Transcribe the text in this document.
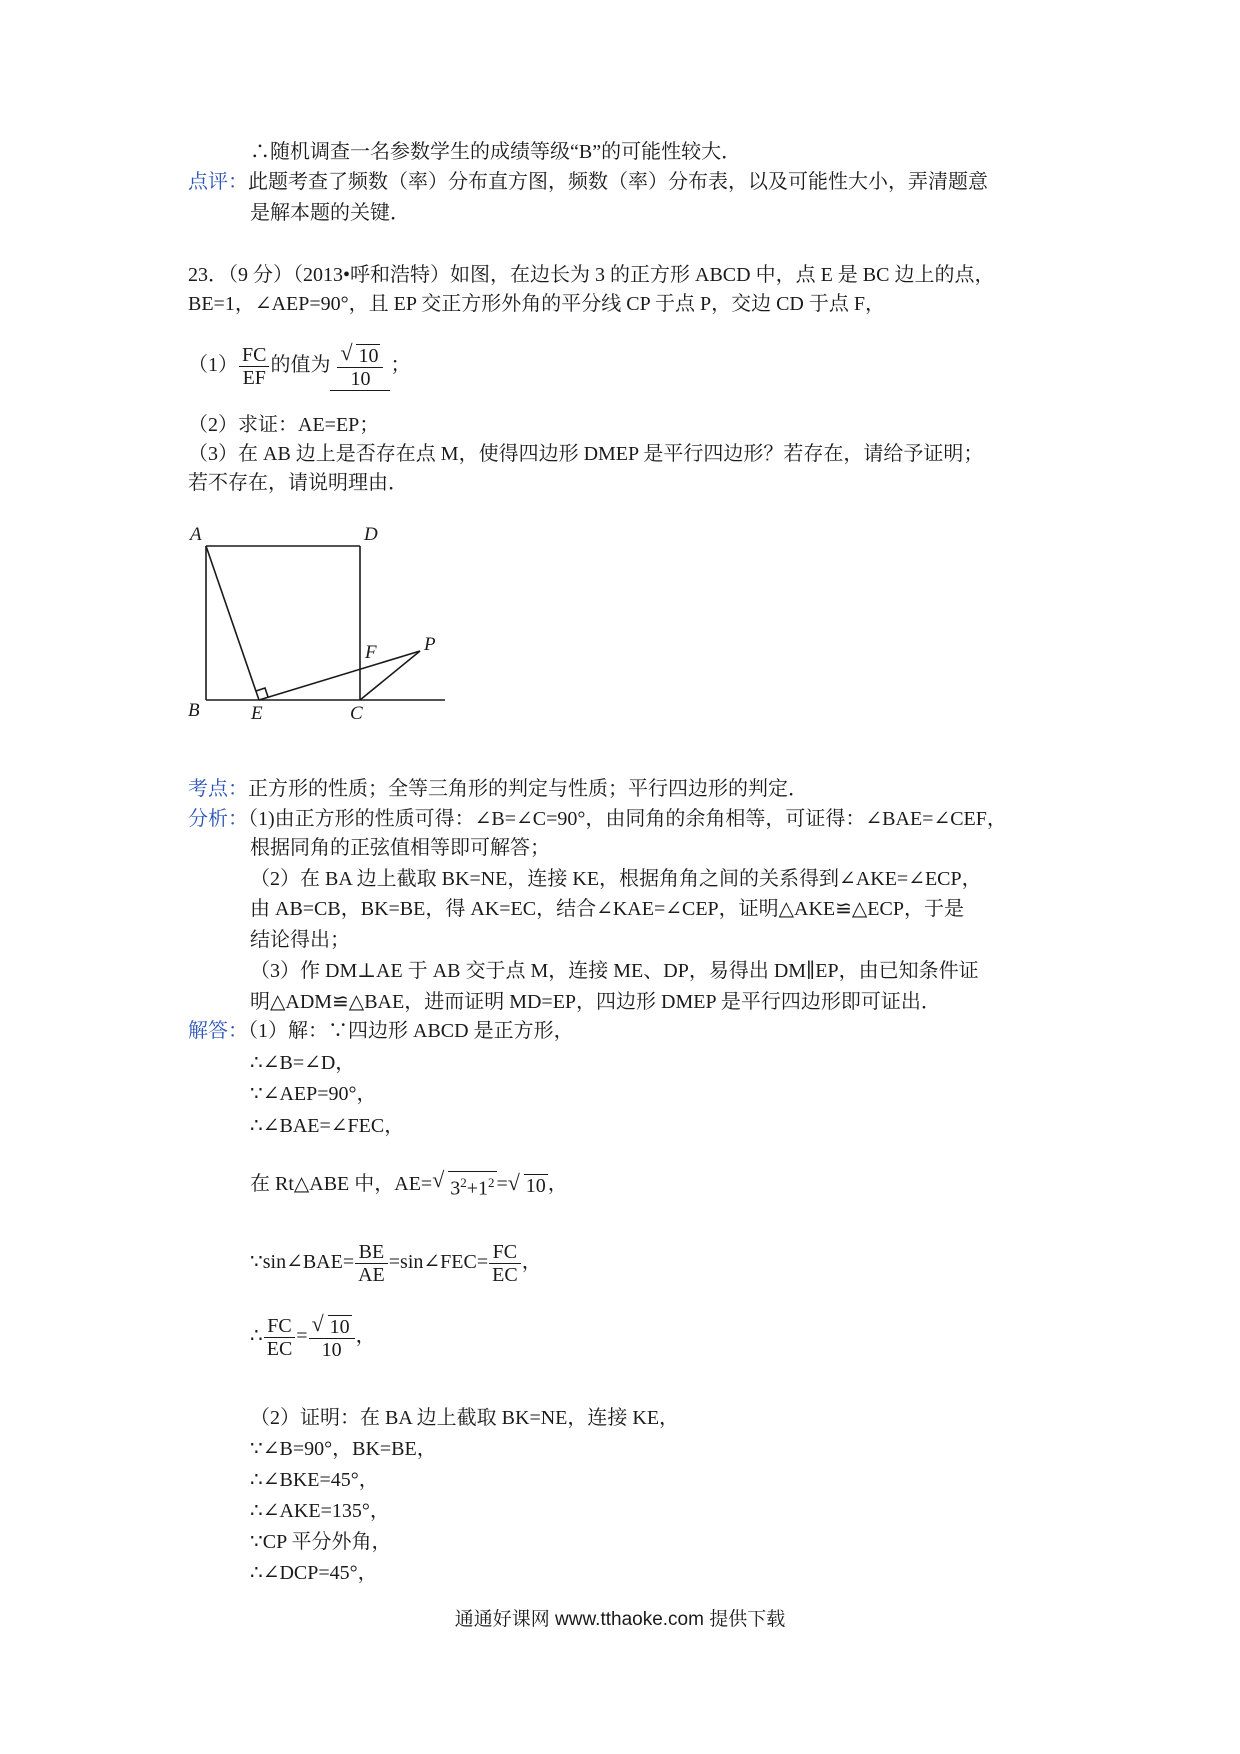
∴随机调查一名参数学生的成绩等级“B”的可能性较大．
点评：此题考查了频数（率）分布直方图，频数（率）分布表，以及可能性大小，弄清题意
是解本题的关键．
23．（9 分）（2013•呼和浩特）如图，在边长为 3 的正方形 ABCD 中，点 E 是 BC 边上的点，
BE=1，∠AEP=90°，且 EP 交正方形外角的平分线 CP 于点 P，交边 CD 于点 F，
$(1) \frac{FC}{EF}$ 的值为 $\frac{√ 10}{10}$ ；
（2）求证：AE=EP；
（3）在 AB 边上是否存在点 M，使得四边形 DMEP 是平行四边形？若存在，请给予证明；
若不存在，请说明理由．
A	D
B	E	C
F P
考点：正方形的性质；全等三角形的判定与性质；平行四边形的判定．
分析：（1)由正方形的性质可得：∠B=∠C=90°，由同角的余角相等，可证得：∠BAE=∠CEF，
根据同角的正弦值相等即可解答；
（2）在 BA 边上截取 BK=NE，连接 KE，根据角角之间的关系得到∠AKE=∠ECP，
由 AB=CB，BK=BE，得 AK=EC，结合∠KAE=∠CEP，证明△AKE≌△ECP，于是
结论得出；
（3）作 DM⊥AE 于 AB 交于点 M，连接 ME、DP，易得出 DM∥EP，由已知条件证
明△ADM≌△BAE，进而证明 MD=EP，四边形 DMEP 是平行四边形即可证出．
解答：（1）解：∵四边形 ABCD 是正方形，
∴∠B=∠D，
∵∠AEP=90°，
∴∠BAE=∠FEC，
在 Rt△ABE 中，AE= √ $3^2+1^2$ = √ 10 ，
∵sin∠BAE= $\frac{BE}{AE}$ =sin∠FEC= $\frac{FC}{EC}$ ，
∴ $\frac{FC}{EC} = \frac{√ 10}{10}$ ，
（2）证明：在 BA 边上截取 BK=NE，连接 KE，
∵∠B=90°，BK=BE，
∴∠BKE=45°，
∴∠AKE=135°，
∵CP 平分外角，
∴∠DCP=45°，
通通好课网 www.tthaoke.com 提供下载
